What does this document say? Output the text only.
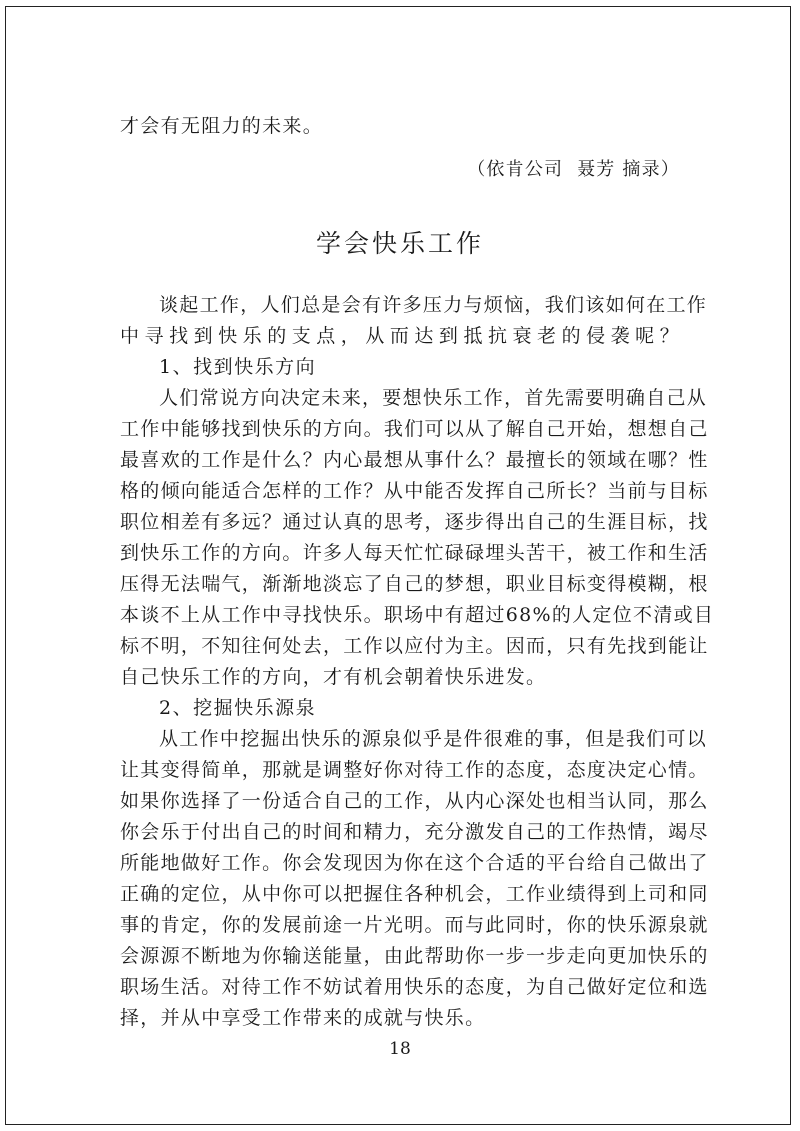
才会有无阻力的未来。
（依肯公司  聂芳 摘录）
学会快乐工作
谈起工作，人们总是会有许多压力与烦恼，我们该如何在工作
中寻找到快乐的支点，从而达到抵抗衰老的侵袭呢？
1、找到快乐方向
人们常说方向决定未来，要想快乐工作，首先需要明确自己从
工作中能够找到快乐的方向。我们可以从了解自己开始，想想自己
最喜欢的工作是什么？内心最想从事什么？最擅长的领域在哪？性
格的倾向能适合怎样的工作？从中能否发挥自己所长？当前与目标
职位相差有多远？通过认真的思考，逐步得出自己的生涯目标，找
到快乐工作的方向。许多人每天忙忙碌碌埋头苦干，被工作和生活
压得无法喘气，渐渐地淡忘了自己的梦想，职业目标变得模糊，根
本谈不上从工作中寻找快乐。职场中有超过68%的人定位不清或目
标不明，不知往何处去，工作以应付为主。因而，只有先找到能让
自己快乐工作的方向，才有机会朝着快乐进发。
2、挖掘快乐源泉
从工作中挖掘出快乐的源泉似乎是件很难的事，但是我们可以
让其变得简单，那就是调整好你对待工作的态度，态度决定心情。
如果你选择了一份适合自己的工作，从内心深处也相当认同，那么
你会乐于付出自己的时间和精力，充分激发自己的工作热情，竭尽
所能地做好工作。你会发现因为你在这个合适的平台给自己做出了
正确的定位，从中你可以把握住各种机会，工作业绩得到上司和同
事的肯定，你的发展前途一片光明。而与此同时，你的快乐源泉就
会源源不断地为你输送能量，由此帮助你一步一步走向更加快乐的
职场生活。对待工作不妨试着用快乐的态度，为自己做好定位和选
择，并从中享受工作带来的成就与快乐。
18
